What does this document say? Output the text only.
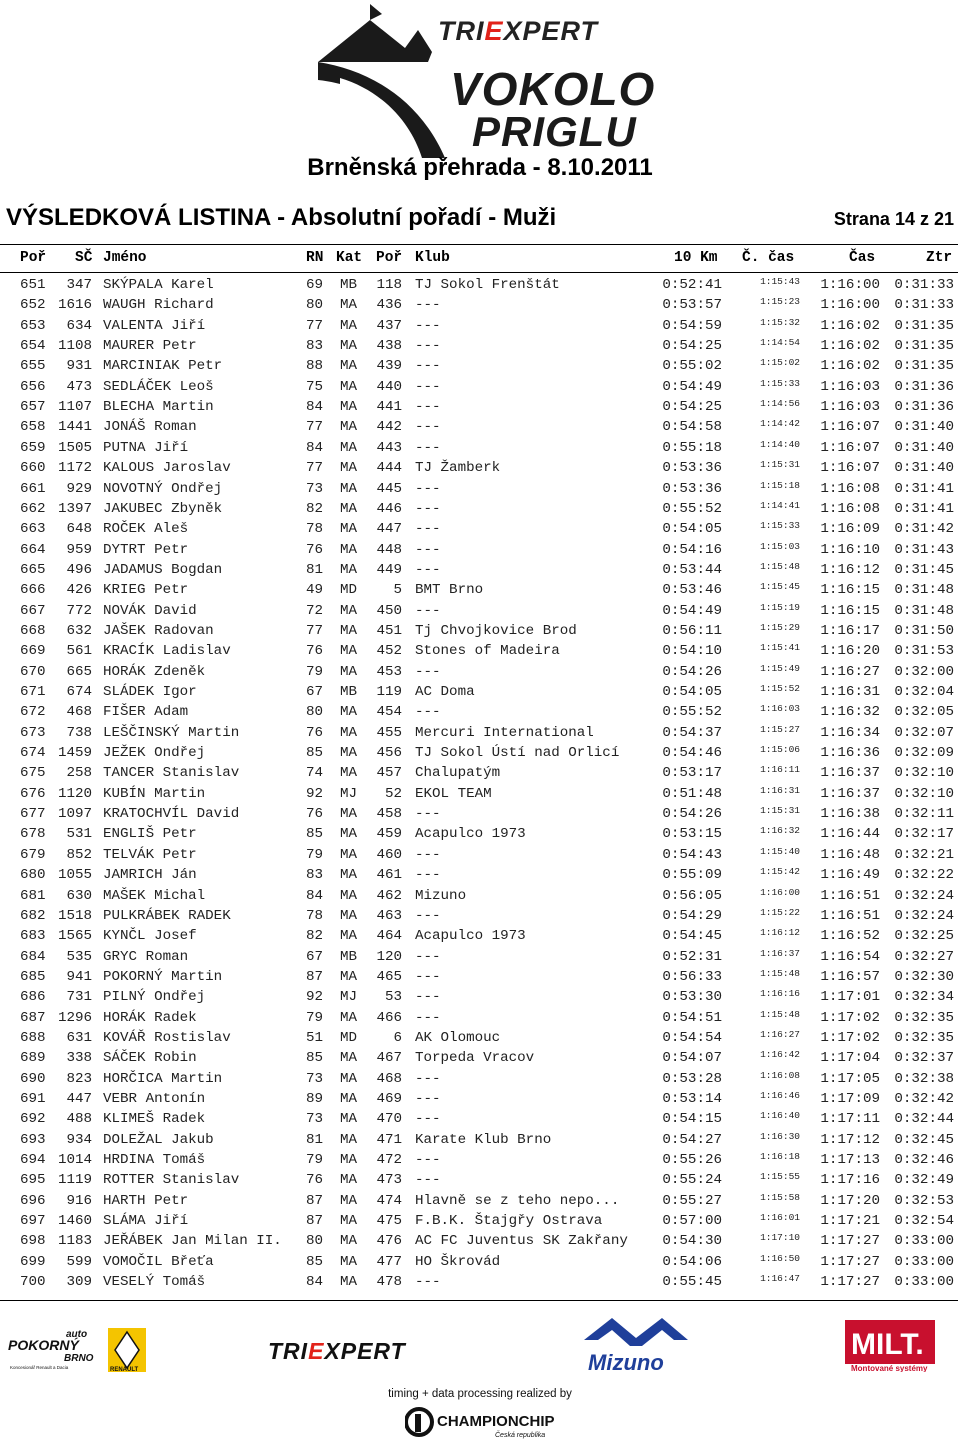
TRIEXPERT
VOKOLO
PRIGLU
Brněnská přehrada - 8.10.2011
VÝSLEDKOVÁ LISTINA - Absolutní pořadí - Muži	Strana 14 z 21
Poř SČ Jméno	RN Kat Poř Klub	10 Km Č. čas	Čas	Ztr
651	347 SKÝPALA Karel	69 MB 118 TJ Sokol Frenštát	0:52:41	1:15:43	1:16:00	0:31:33
652 1616 WAUGH Richard	80 MA 436 ---	0:53:57	1:15:23	1:16:00	0:31:33
653	634 VALENTA Jiří	77 MA 437 ---	0:54:59	1:15:32	1:16:02	0:31:35
654 1108 MAURER Petr	83 MA 438 ---	0:54:25	1:14:54	1:16:02	0:31:35
655	931 MARCINIAK Petr	88 MA 439 ---	0:55:02	1:15:02	1:16:02	0:31:35
656	473 SEDLÁČEK Leoš	75 MA 440 ---	0:54:49	1:15:33	1:16:03	0:31:36
657 1107 BLECHA Martin	84 MA 441 ---	0:54:25	1:14:56	1:16:03	0:31:36
658 1441 JONÁŠ Roman	77 MA 442 ---	0:54:58	1:14:42	1:16:07	0:31:40
659 1505 PUTNA Jiří	84 MA 443 ---	0:55:18	1:14:40	1:16:07	0:31:40
660 1172 KALOUS Jaroslav	77 MA 444 TJ Žamberk	0:53:36	1:15:31	1:16:07	0:31:40
661	929 NOVOTNÝ Ondřej	73 MA 445 ---	0:53:36	1:15:18	1:16:08	0:31:41
662 1397 JAKUBEC Zbyněk	82 MA 446 ---	0:55:52	1:14:41	1:16:08	0:31:41
663	648 ROČEK Aleš	78 MA 447 ---	0:54:05	1:15:33	1:16:09	0:31:42
664	959 DYTRT Petr	76 MA 448 ---	0:54:16	1:15:03	1:16:10	0:31:43
665	496 JADAMUS Bogdan	81 MA 449 ---	0:53:44	1:15:48	1:16:12	0:31:45
666	426 KRIEG Petr	49 MD	5 BMT Brno	0:53:46	1:15:45	1:16:15	0:31:48
667	772 NOVÁK David	72 MA 450 ---	0:54:49	1:15:19	1:16:15	0:31:48
668	632 JAŠEK Radovan	77 MA 451 Tj Chvojkovice Brod	0:56:11	1:15:29	1:16:17	0:31:50
669	561 KRACÍK Ladislav	76 MA 452 Stones of Madeira	0:54:10	1:15:41	1:16:20	0:31:53
670	665 HORÁK Zdeněk	79 MA 453 ---	0:54:26	1:15:49	1:16:27	0:32:00
671	674 SLÁDEK Igor	67 MB 119 AC Doma	0:54:05	1:15:52	1:16:31	0:32:04
672	468 FIŠER Adam	80 MA 454 ---	0:55:52	1:16:03	1:16:32	0:32:05
673	738 LEŠČINSKÝ Martin	76 MA 455 Mercuri International	0:54:37	1:15:27	1:16:34	0:32:07
674 1459 JEŽEK Ondřej	85 MA 456 TJ Sokol Ústí nad Orlicí	0:54:46	1:15:06	1:16:36	0:32:09
675	258 TANCER Stanislav	74 MA 457 Chalupatým	0:53:17	1:16:11	1:16:37	0:32:10
676 1120 KUBÍN Martin	92 MJ	52 EKOL TEAM	0:51:48	1:16:31	1:16:37	0:32:10
677 1097 KRATOCHVÍL David	76 MA 458 ---	0:54:26	1:15:31	1:16:38	0:32:11
678	531 ENGLIŠ Petr	85 MA 459 Acapulco 1973	0:53:15	1:16:32	1:16:44	0:32:17
679	852 TELVÁK Petr	79 MA 460 ---	0:54:43	1:15:40	1:16:48	0:32:21
680 1055 JAMRICH Ján	83 MA 461 ---	0:55:09	1:15:42	1:16:49	0:32:22
681	630 MAŠEK Michal	84 MA 462 Mizuno	0:56:05	1:16:00	1:16:51	0:32:24
682 1518 PULKRÁBEK RADEK	78 MA 463 ---	0:54:29	1:15:22	1:16:51	0:32:24
683 1565 KYNČL Josef	82 MA 464 Acapulco 1973	0:54:45	1:16:12	1:16:52	0:32:25
684	535 GRYC Roman	67 MB 120 ---	0:52:31	1:16:37	1:16:54	0:32:27
685	941 POKORNÝ Martin	87 MA 465 ---	0:56:33	1:15:48	1:16:57	0:32:30
686	731 PILNÝ Ondřej	92 MJ	53 ---	0:53:30	1:16:16	1:17:01	0:32:34
687 1296 HORÁK Radek	79 MA 466 ---	0:54:51	1:15:48	1:17:02	0:32:35
688	631 KOVÁŘ Rostislav	51 MD	6 AK Olomouc	0:54:54	1:16:27	1:17:02	0:32:35
689	338 SÁČEK Robin	85 MA 467 Torpeda Vracov	0:54:07	1:16:42	1:17:04	0:32:37
690	823 HORČICA Martin	73 MA 468 ---	0:53:28	1:16:08	1:17:05	0:32:38
691	447 VEBR Antonín	89 MA 469 ---	0:53:14	1:16:46	1:17:09	0:32:42
692	488 KLIMEŠ Radek	73 MA 470 ---	0:54:15	1:16:40	1:17:11	0:32:44
693	934 DOLEŽAL Jakub	81 MA 471 Karate Klub Brno	0:54:27	1:16:30	1:17:12	0:32:45
694 1014 HRDINA Tomáš	79 MA 472 ---	0:55:26	1:16:18	1:17:13	0:32:46
695 1119 ROTTER Stanislav	76 MA 473 ---	0:55:24	1:15:55	1:17:16	0:32:49
696	916 HARTH Petr	87 MA 474 Hlavně se z teho nepo...	0:55:27	1:15:58	1:17:20	0:32:53
697 1460 SLÁMA Jiří	87 MA 475 F.B.K. Štajgřy Ostrava	0:57:00	1:16:01	1:17:21	0:32:54
698 1183 JEŘÁBEK Jan Milan II. 80 MA 476 AC FC Juventus SK Zakřany	0:54:30	1:17:10	1:17:27	0:33:00
699	599 VOMOČIL Břeťa	85 MA 477 HO Škrovád	0:54:06	1:16:50	1:17:27	0:33:00
700	309 VESELÝ Tomáš	84 MA 478 ---	0:55:45	1:16:47	1:17:27	0:33:00
auto
POKORNÝ
BRNO
Koncesionář Renault a Dacia	RENAULT
TRIEXPERT	Mizuno
MILT.
Montované systémy
timing + data processing realized by
CHAMPIONCHIP
Česká republika
